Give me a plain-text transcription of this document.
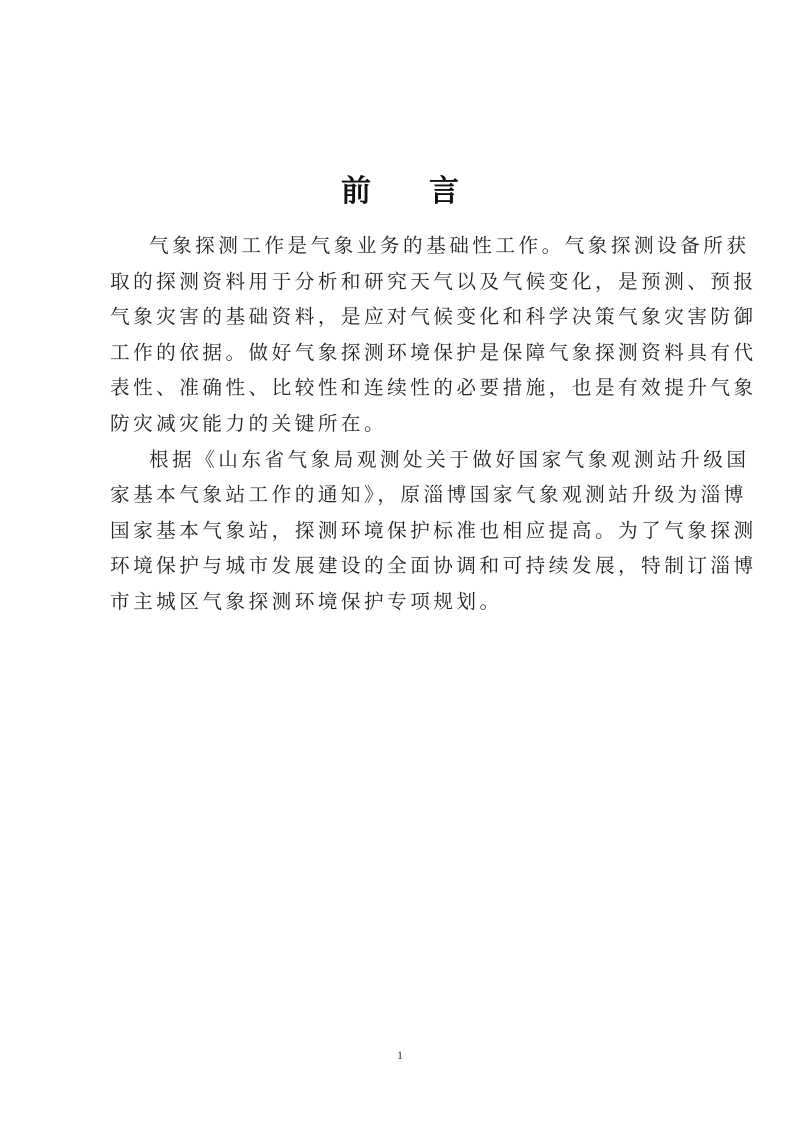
前 言

气象探测工作是气象业务的基础性工作。气象探测设备所获
取的探测资料用于分析和研究天气以及气候变化，是预测、预报
气象灾害的基础资料，是应对气候变化和科学决策气象灾害防御
工作的依据。做好气象探测环境保护是保障气象探测资料具有代
表性、准确性、比较性和连续性的必要措施，也是有效提升气象
防灾减灾能力的关键所在。

根据《山东省气象局观测处关于做好国家气象观测站升级国
家基本气象站工作的通知》，原淄博国家气象观测站升级为淄博
国家基本气象站，探测环境保护标准也相应提高。为了气象探测
环境保护与城市发展建设的全面协调和可持续发展，特制订淄博
市主城区气象探测环境保护专项规划。

1
